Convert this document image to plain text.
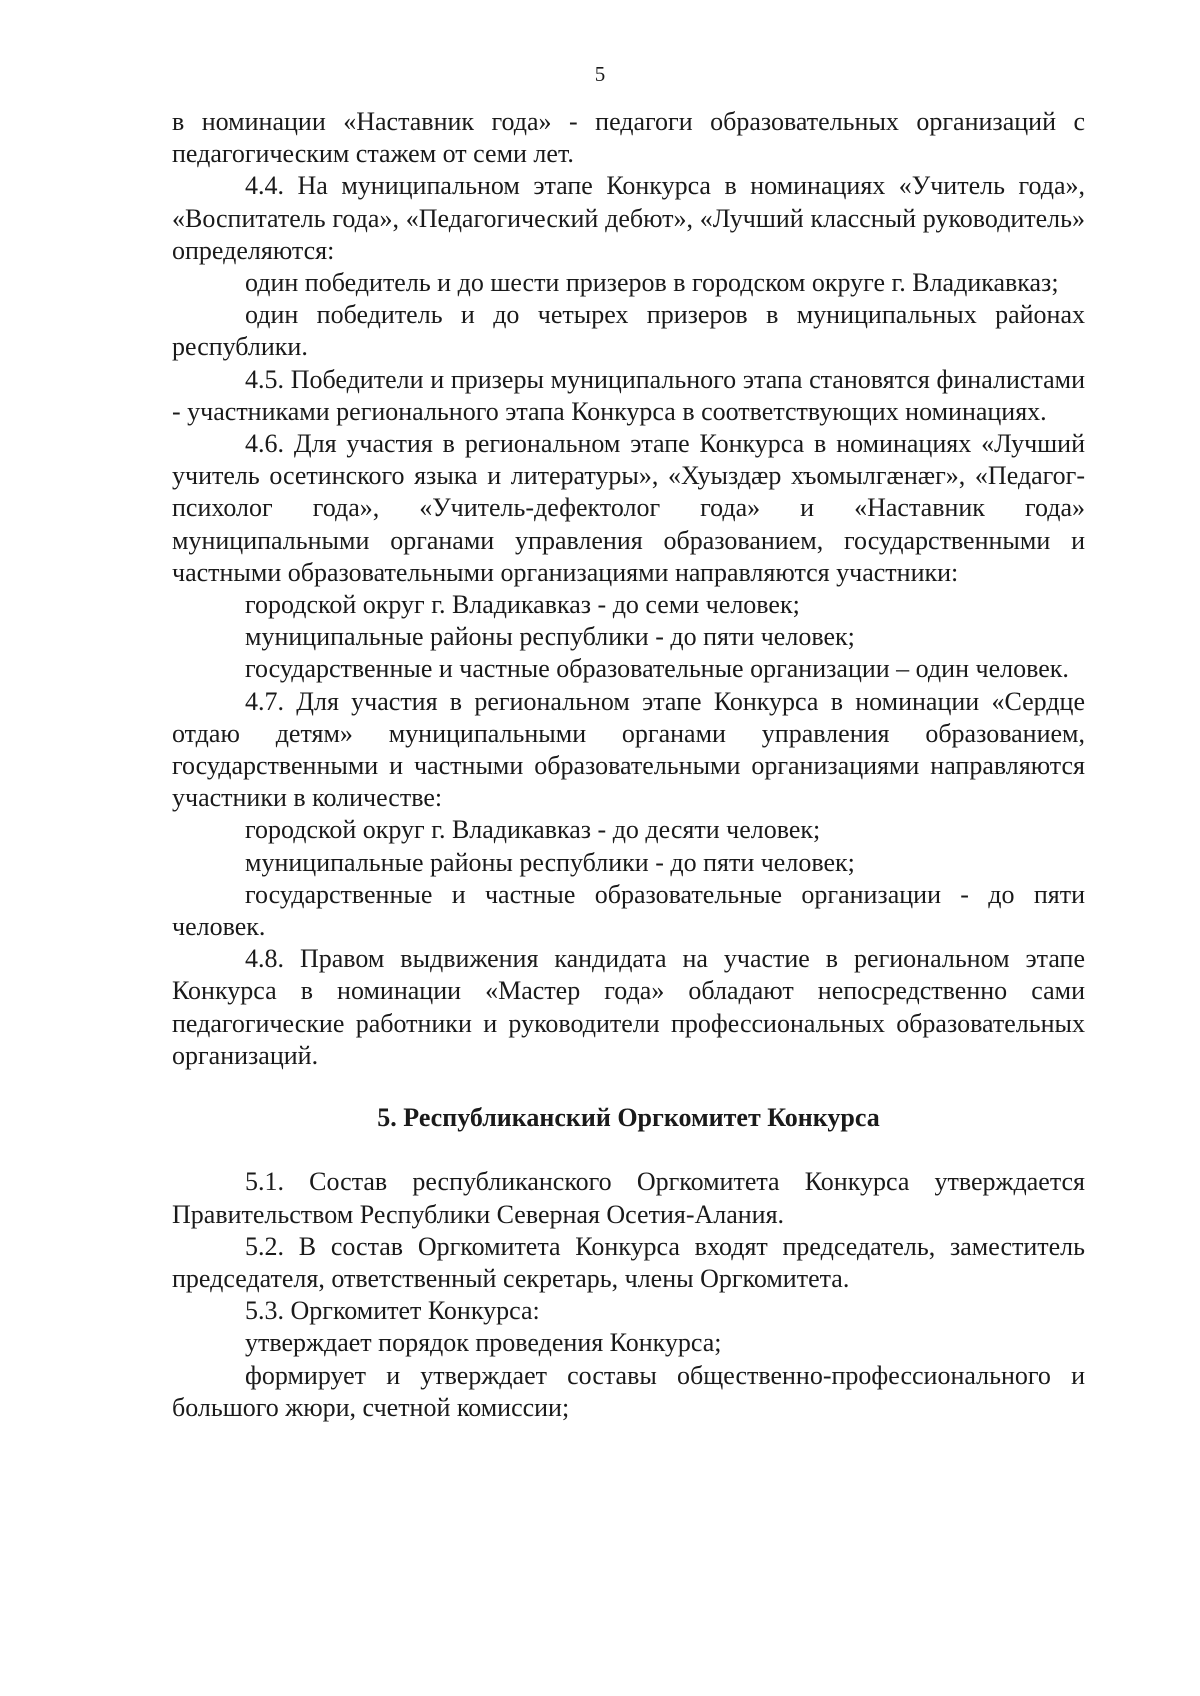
5

в номинации «Наставник года» - педагоги образовательных организаций с педагогическим стажем от семи лет.

4.4. На муниципальном этапе Конкурса в номинациях «Учитель года», «Воспитатель года», «Педагогический дебют», «Лучший классный руководитель» определяются:

один победитель и до шести призеров в городском округе г. Владикавказ;

один победитель и до четырех призеров в муниципальных районах республики.

4.5. Победители и призеры муниципального этапа становятся финалистами - участниками регионального этапа Конкурса в соответствующих номинациях.

4.6. Для участия в региональном этапе Конкурса в номинациях «Лучший учитель осетинского языка и литературы», «Хуыздæр хъомылгæнæг», «Педагог-психолог года», «Учитель-дефектолог года» и «Наставник года» муниципальными органами управления образованием, государственными и частными образовательными организациями направляются участники:

городской округ г. Владикавказ - до семи человек;

муниципальные районы республики - до пяти человек;

государственные и частные образовательные организации – один человек.

4.7. Для участия в региональном этапе Конкурса в номинации «Сердце отдаю детям» муниципальными органами управления образованием, государственными и частными образовательными организациями направляются участники в количестве:

городской округ г. Владикавказ - до десяти человек;

муниципальные районы республики - до пяти человек;

государственные и частные образовательные организации - до пяти человек.

4.8. Правом выдвижения кандидата на участие в региональном этапе Конкурса в номинации «Мастер года» обладают непосредственно сами педагогические работники и руководители профессиональных образовательных организаций.

5. Республиканский Оргкомитет Конкурса

5.1. Состав республиканского Оргкомитета Конкурса утверждается Правительством Республики Северная Осетия-Алания.

5.2. В состав Оргкомитета Конкурса входят председатель, заместитель председателя, ответственный секретарь, члены Оргкомитета.

5.3. Оргкомитет Конкурса:

утверждает порядок проведения Конкурса;

формирует и утверждает составы общественно-профессионального и большого жюри, счетной комиссии;
